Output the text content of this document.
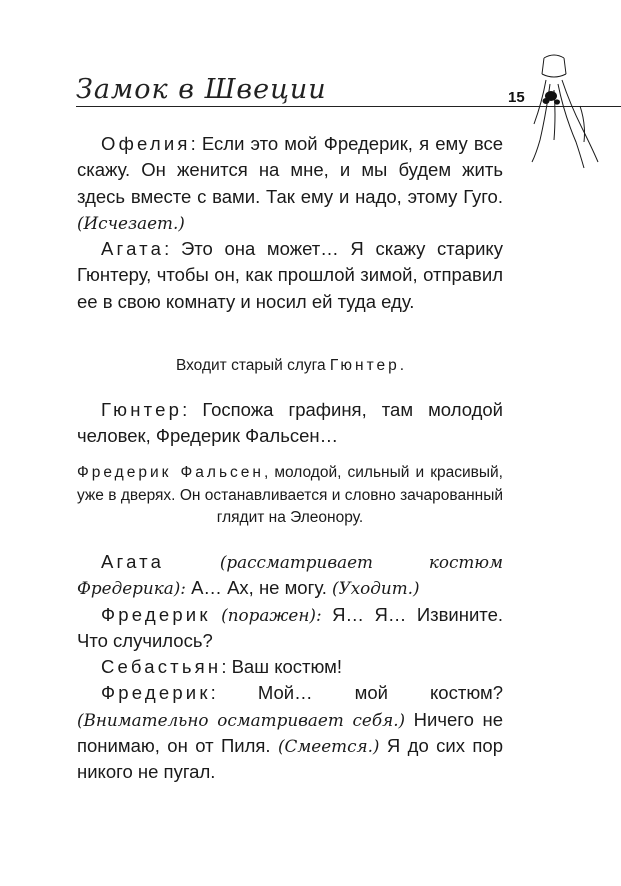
Замок в Швеции	15

Офелия: Если это мой Фредерик, я ему все скажу. Он женится на мне, и мы будем жить здесь вместе с вами. Так ему и надо, этому Гуго. (Исчезает.)

Агата: Это она может… Я скажу старику Гюнтеру, чтобы он, как прошлой зимой, отправил ее в свою комнату и носил ей туда еду.

Входит старый слуга Гюнтер.

Гюнтер: Госпожа графиня, там молодой человек, Фредерик Фальсен…

Фредерик Фальсен, молодой, сильный и красивый, уже в дверях. Он останавливается и словно зачарованный глядит на Элеонору.

Агата	(рассматривает костюм Фредерика): А… Ах, не могу. (Уходит.)

Фредерик (поражен): Я… Я… Извините. Что случилось?

Себастьян: Ваш костюм!

Фредерик: Мой… мой костюм? (Внимательно осматривает себя.) Ничего не понимаю, он от Пиля. (Смеется.) Я до сих пор никого не пугал.
